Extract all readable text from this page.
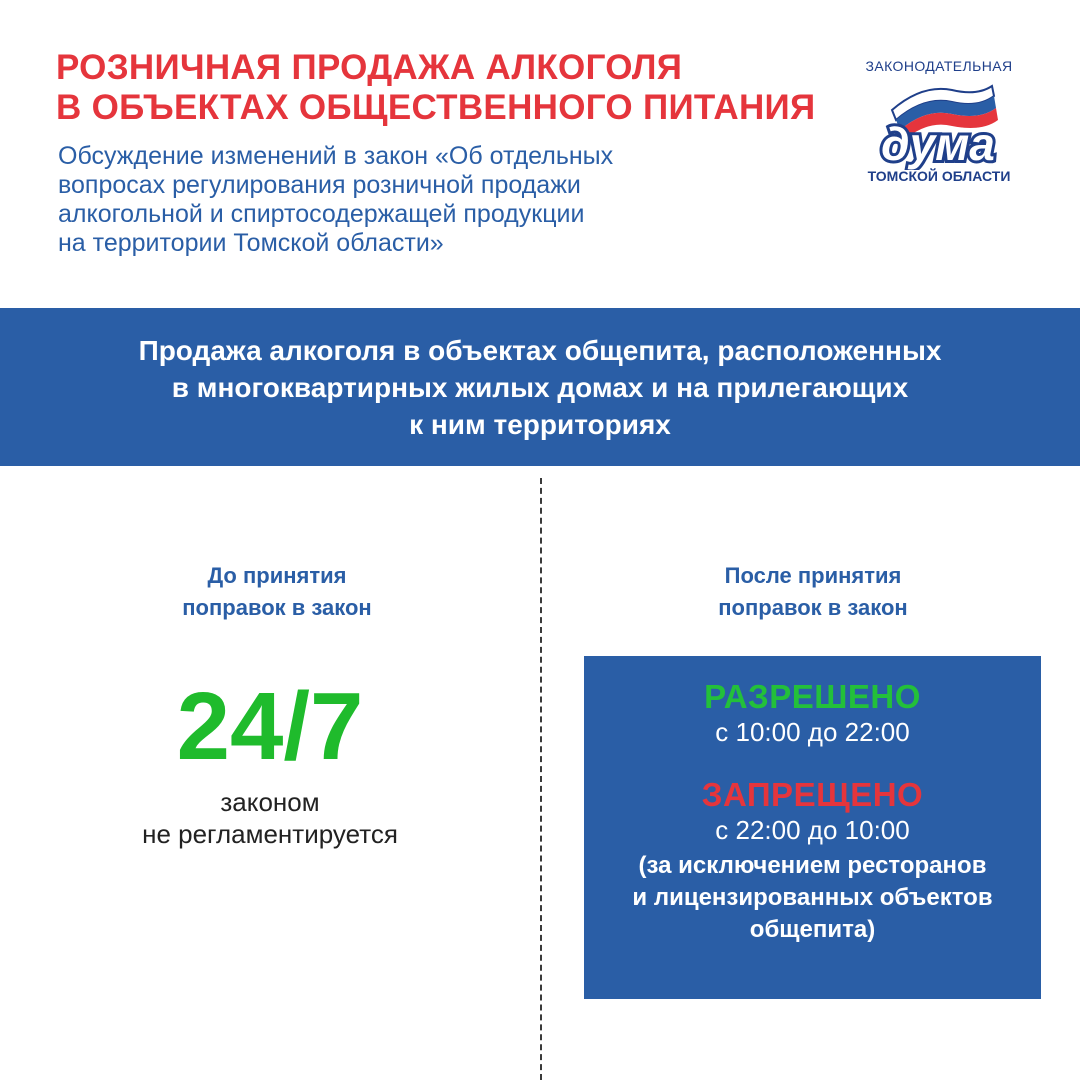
РОЗНИЧНАЯ ПРОДАЖА АЛКОГОЛЯ
В ОБЪЕКТАХ ОБЩЕСТВЕННОГО ПИТАНИЯ

Обсуждение изменений в закон «Об отдельных
вопросах регулирования розничной продажи
алкогольной и спиртосодержащей продукции
на территории Томской области»

ЗАКОНОДАТЕЛЬНАЯ
дума
ТОМСКОЙ ОБЛАСТИ
Продажа алкоголя в объектах общепита, расположенных
в многоквартирных жилых домах и на прилегающих
к ним территориях
До принятия
поправок в закон
24/7
законом
не регламентируется
После принятия
поправок в закон
РАЗРЕШЕНО
с 10:00 до 22:00
ЗАПРЕЩЕНО
с 22:00 до 10:00
(за исключением ресторанов
и лицензированных объектов
общепита)
